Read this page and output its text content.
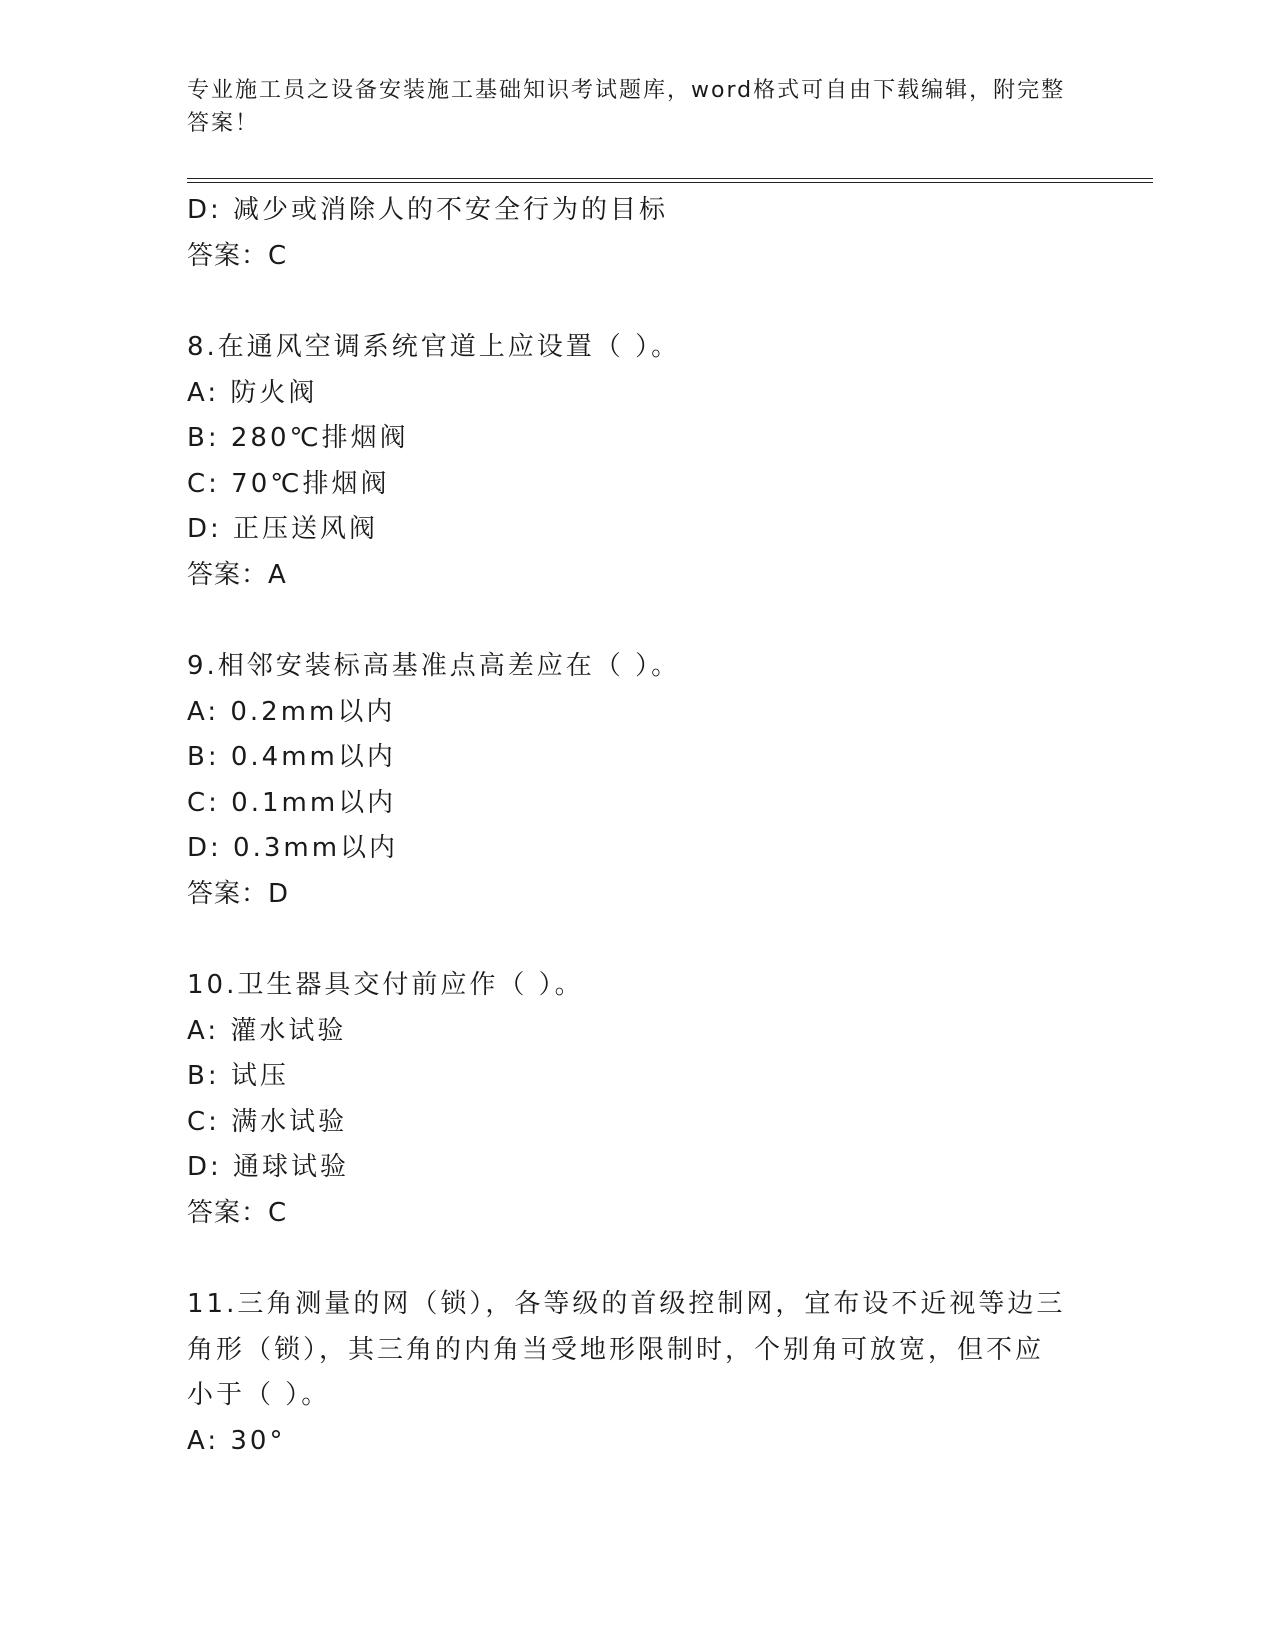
专业施工员之设备安装施工基础知识考试题库，word格式可自由下载编辑，附完整答案！
D: 减少或消除人的不安全行为的目标
答案：C
8.在通风空调系统官道上应设置（ ）。
A: 防火阀
B: 280℃排烟阀
C: 70℃排烟阀
D: 正压送风阀
答案：A
9.相邻安装标高基准点高差应在（ ）。
A: 0.2mm以内
B: 0.4mm以内
C: 0.1mm以内
D: 0.3mm以内
答案：D
10.卫生器具交付前应作（ ）。
A: 灌水试验
B: 试压
C: 满水试验
D: 通球试验
答案：C
11.三角测量的网（锁），各等级的首级控制网，宜布设不近视等边三角形（锁），其三角的内角当受地形限制时，个别角可放宽，但不应小于（ ）。
A: 30°
